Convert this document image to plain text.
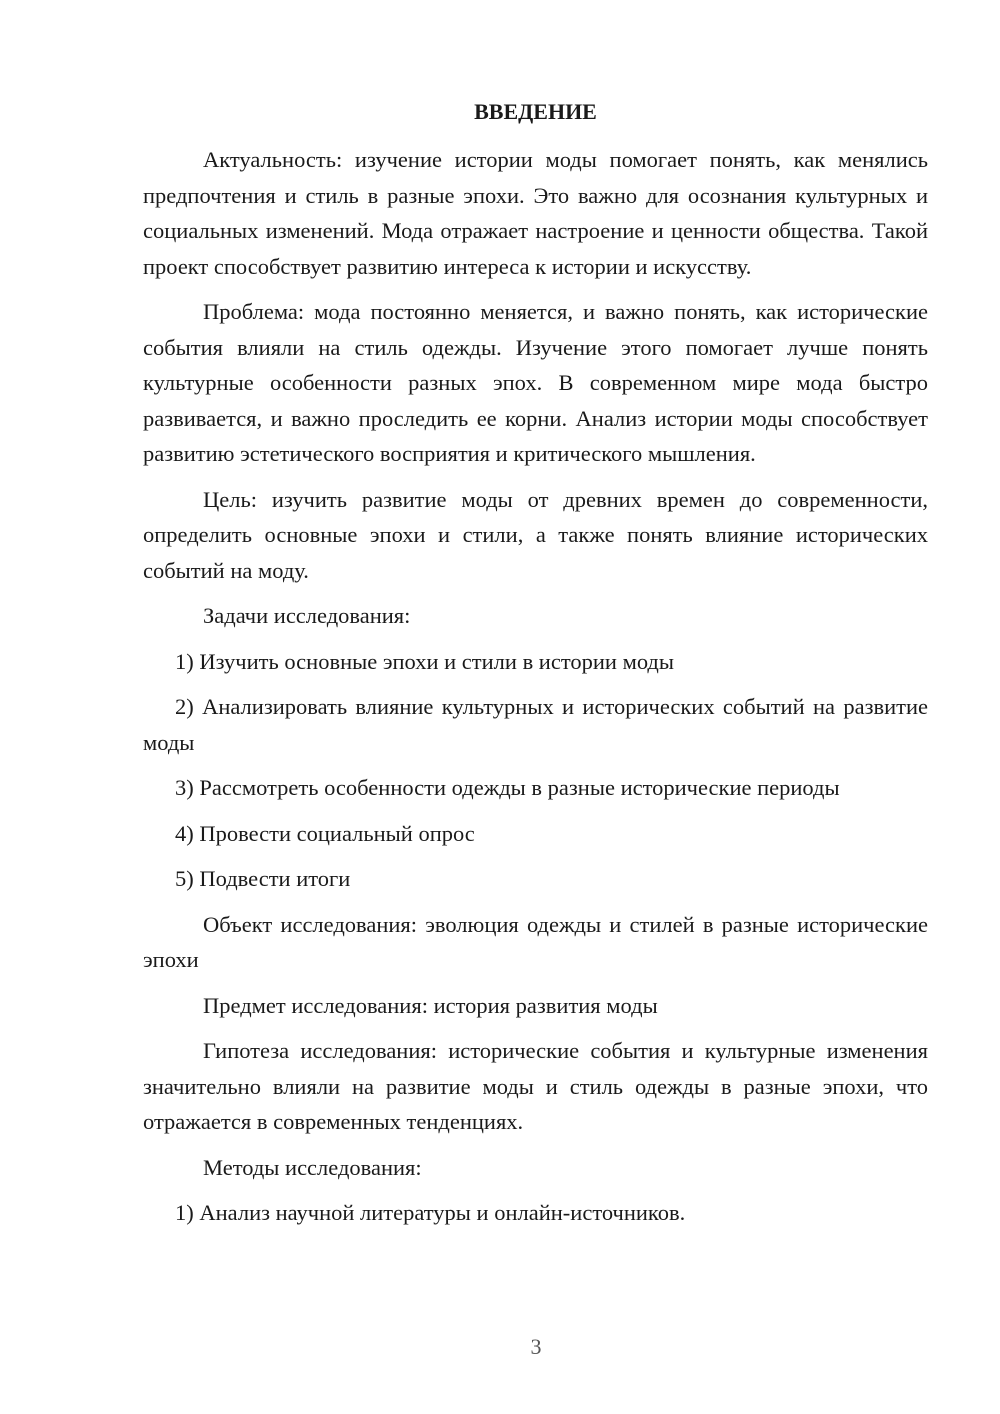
ВВЕДЕНИЕ

Актуальность: изучение истории моды помогает понять, как менялись предпочтения и стиль в разные эпохи. Это важно для осознания культурных и социальных изменений. Мода отражает настроение и ценности общества. Такой проект способствует развитию интереса к истории и искусству.

Проблема: мода постоянно меняется, и важно понять, как исторические события влияли на стиль одежды. Изучение этого помогает лучше понять культурные особенности разных эпох. В современном мире мода быстро развивается, и важно проследить ее корни. Анализ истории моды способствует развитию эстетического восприятия и критического мышления.

Цель: изучить развитие моды от древних времен до современности, определить основные эпохи и стили, а также понять влияние исторических событий на моду.

Задачи исследования:

1) Изучить основные эпохи и стили в истории моды

2) Анализировать влияние культурных и исторических событий на развитие моды

3) Рассмотреть особенности одежды в разные исторические периоды

4) Провести социальный опрос

5) Подвести итоги

Объект исследования: эволюция одежды и стилей в разные исторические эпохи

Предмет исследования: история развития моды

Гипотеза исследования: исторические события и культурные изменения значительно влияли на развитие моды и стиль одежды в разные эпохи, что отражается в современных тенденциях.

Методы исследования:

1) Анализ научной литературы и онлайн-источников.

3
